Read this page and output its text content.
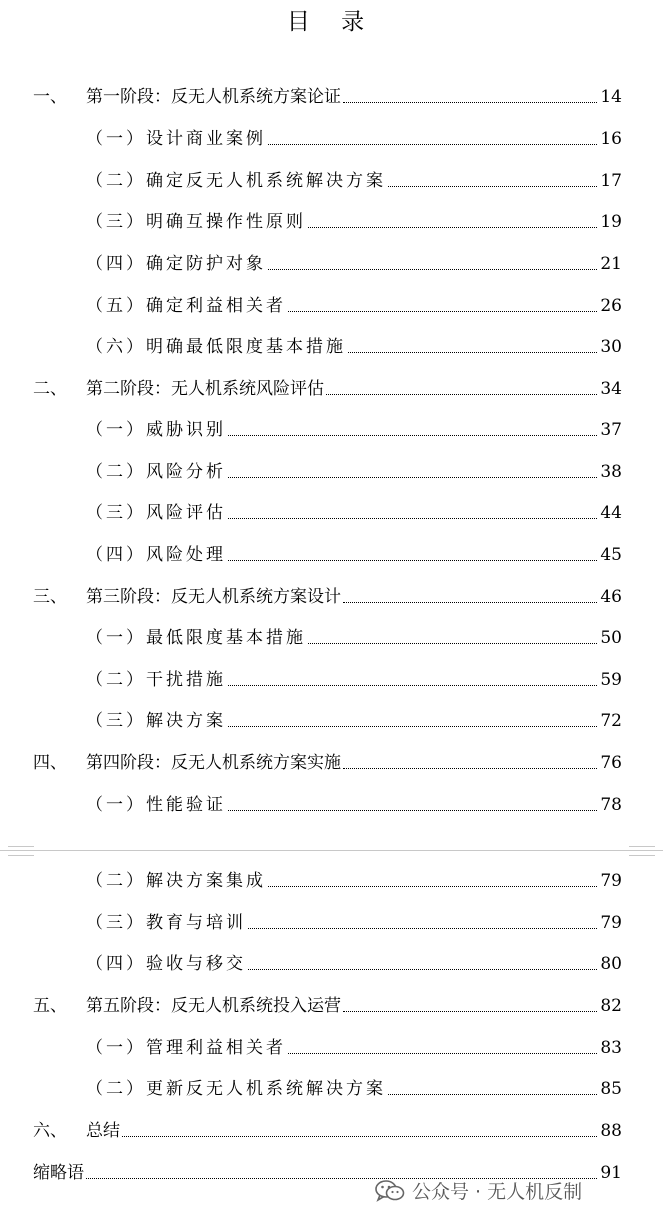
目 录
一、 第一阶段：反无人机系统方案论证	14
（一）设计商业案例	16
（二）确定反无人机系统解决方案	17
（三）明确互操作性原则	19
（四）确定防护对象	21
（五）确定利益相关者	26
（六）明确最低限度基本措施	30
二、 第二阶段：无人机系统风险评估	34
（一）威胁识别	37
（二）风险分析	38
（三）风险评估	44
（四）风险处理	45
三、 第三阶段：反无人机系统方案设计	46
（一）最低限度基本措施	50
（二）干扰措施	59
（三）解决方案	72
四、 第四阶段：反无人机系统方案实施	76
（一）性能验证	78
（二）解决方案集成	79
（三）教育与培训	79
（四）验收与移交	80
五、 第五阶段：反无人机系统投入运营	82
（一）管理利益相关者	83
（二）更新反无人机系统解决方案	85
六、 总结	88
缩略语	91
公众号 · 无人机反制
